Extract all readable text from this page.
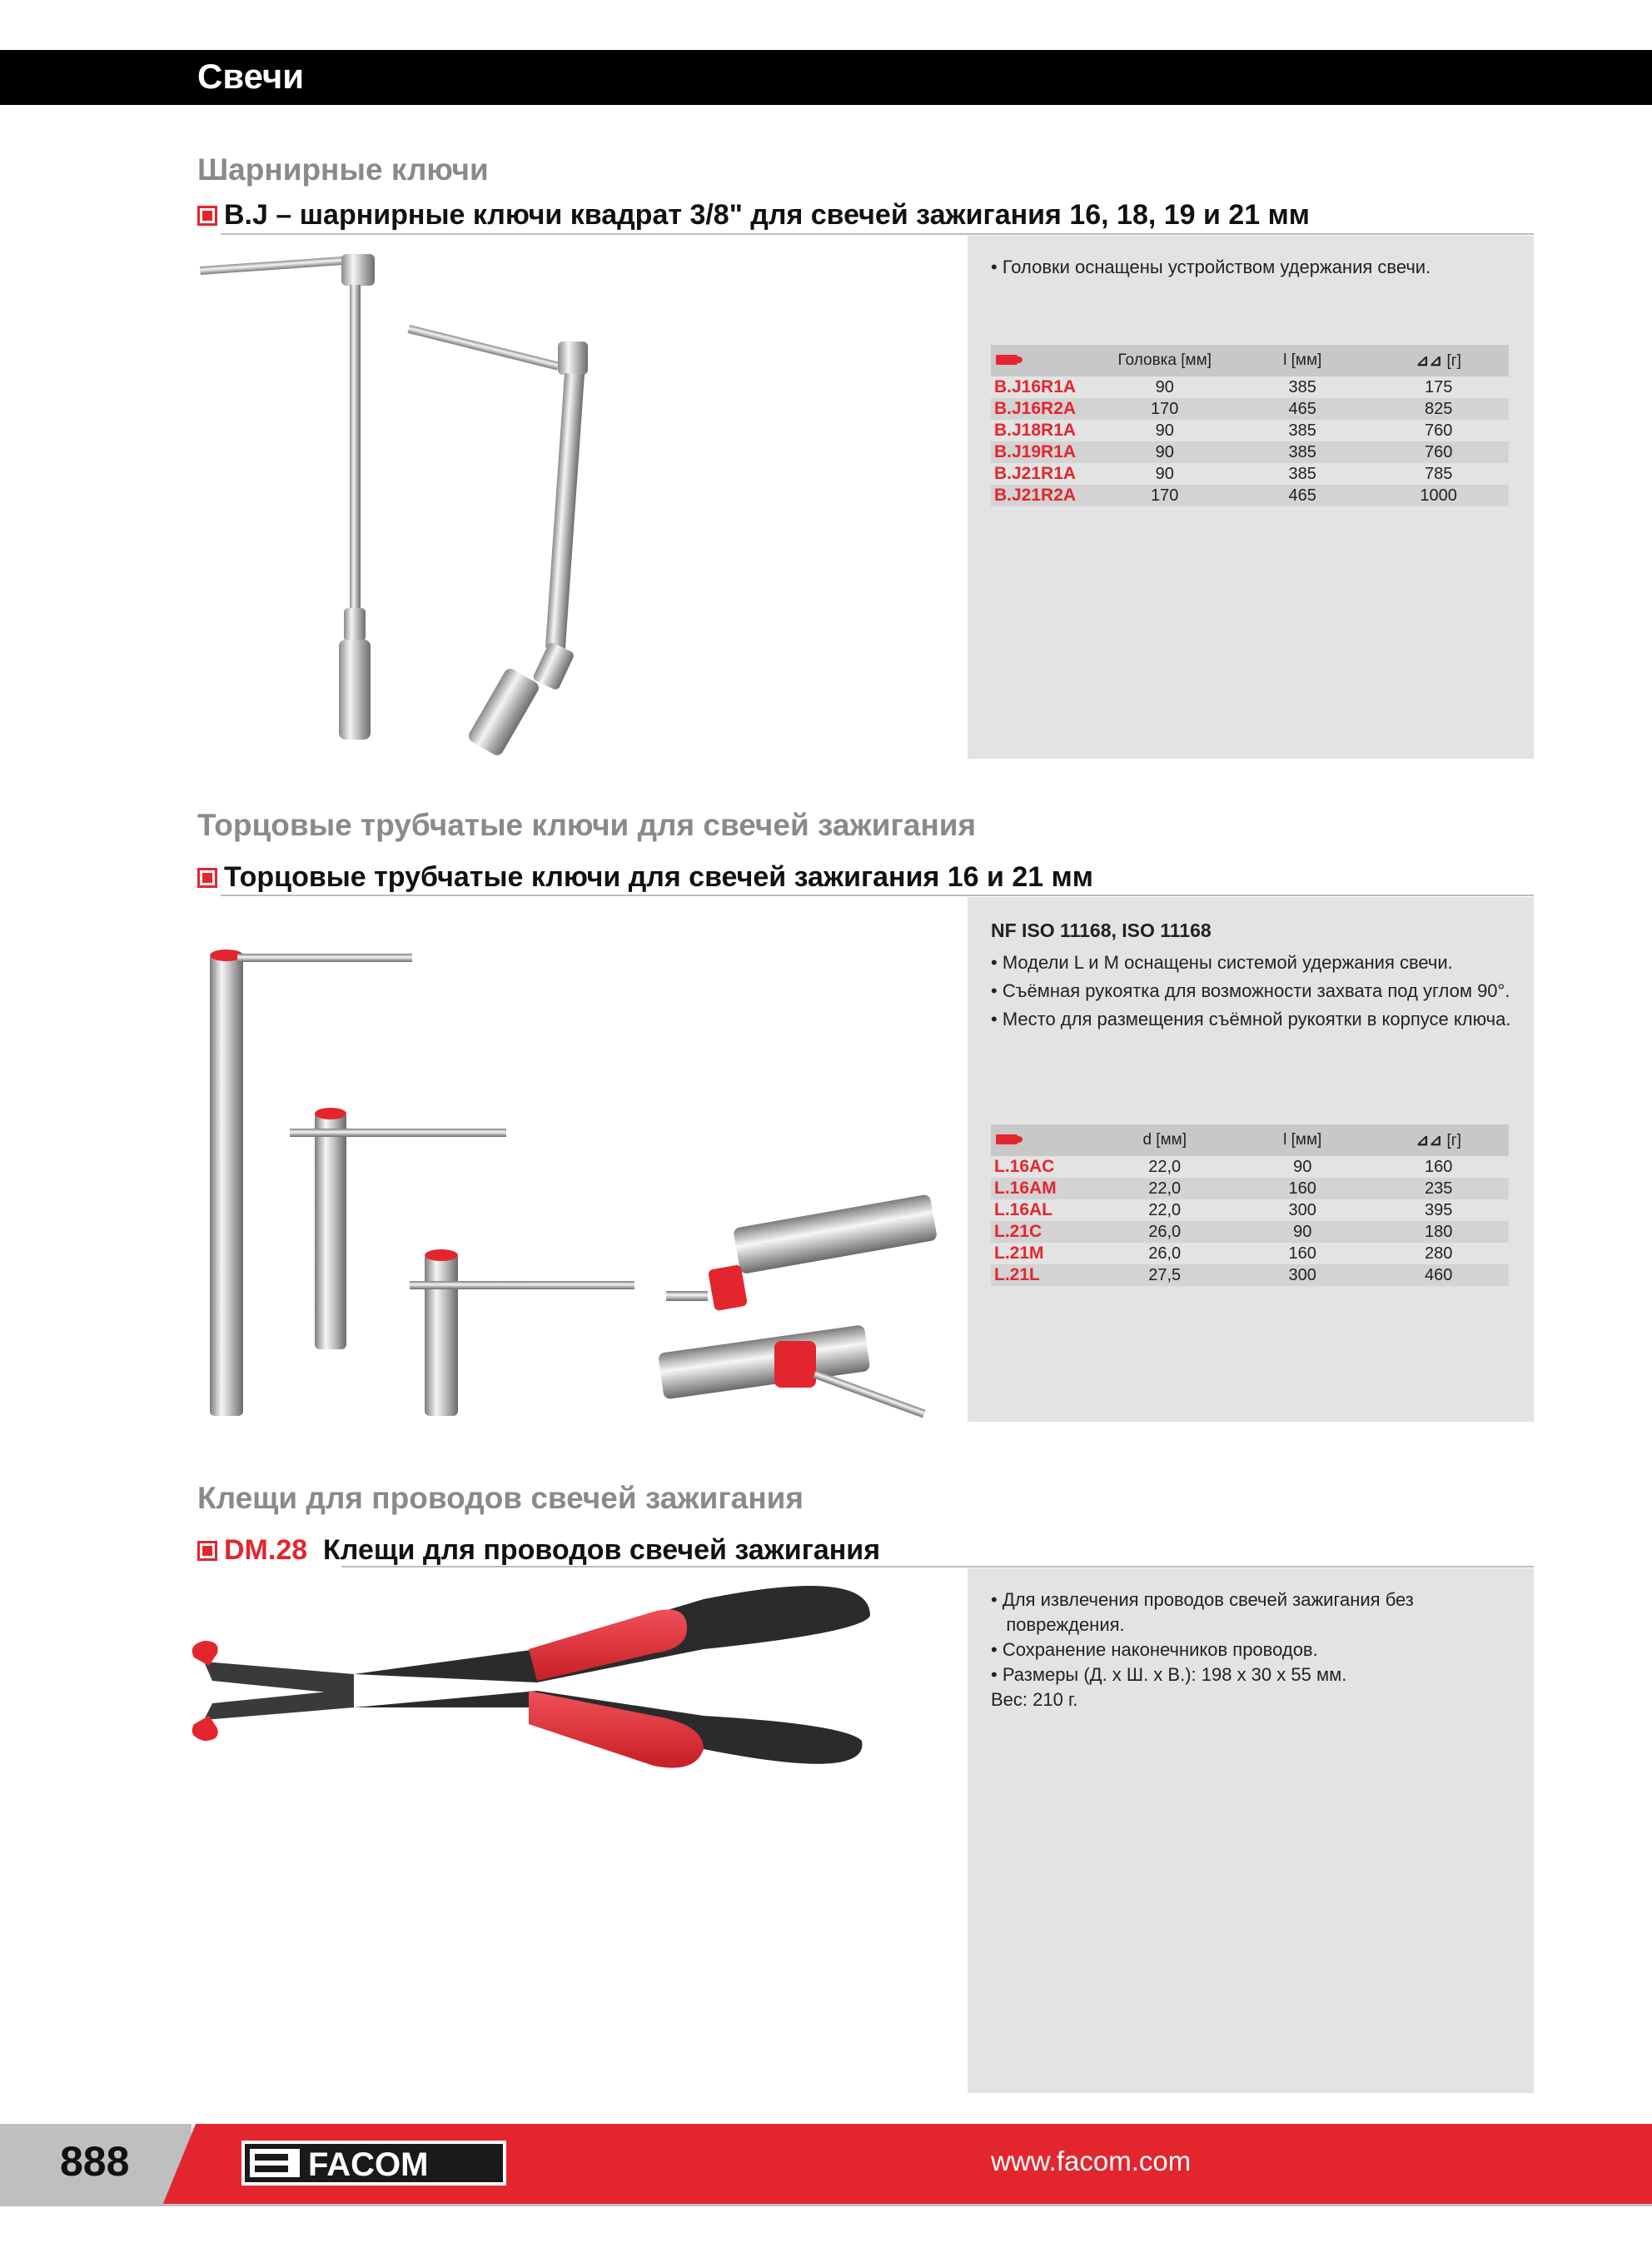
Свечи
Шарнирные ключи
B.J – шарнирные ключи квадрат 3/8" для свечей зажигания 16, 18, 19 и 21 мм
• Головки оснащены устройством удержания свечи.
	Головка [мм]	l [мм]	⊿⊿ [г]
B.J16R1A	90	385	175
B.J16R2A	170	465	825
B.J18R1A	90	385	760
B.J19R1A	90	385	760
B.J21R1A	90	385	785
B.J21R2A	170	465	1000
Торцовые трубчатые ключи для свечей зажигания
Торцовые трубчатые ключи для свечей зажигания 16 и 21 мм
NF ISO 11168, ISO 11168
• Модели L и M оснащены системой удержания свечи.
• Съёмная рукоятка для возможности захвата под углом 90°.
• Место для размещения съёмной рукоятки в корпусе ключа.
	d [мм]	l [мм]	⊿⊿ [г]
L.16AC	22,0	90	160
L.16AM	22,0	160	235
L.16AL	22,0	300	395
L.21C	26,0	90	180
L.21M	26,0	160	280
L.21L	27,5	300	460
Клещи для проводов свечей зажигания
DM.28 Клещи для проводов свечей зажигания
• Для извлечения проводов свечей зажигания без
повреждения.
• Сохранение наконечников проводов.
• Размеры (Д. х Ш. х В.): 198 х 30 х 55 мм.
Вес: 210 г.
888	FACOM	www.facom.com
